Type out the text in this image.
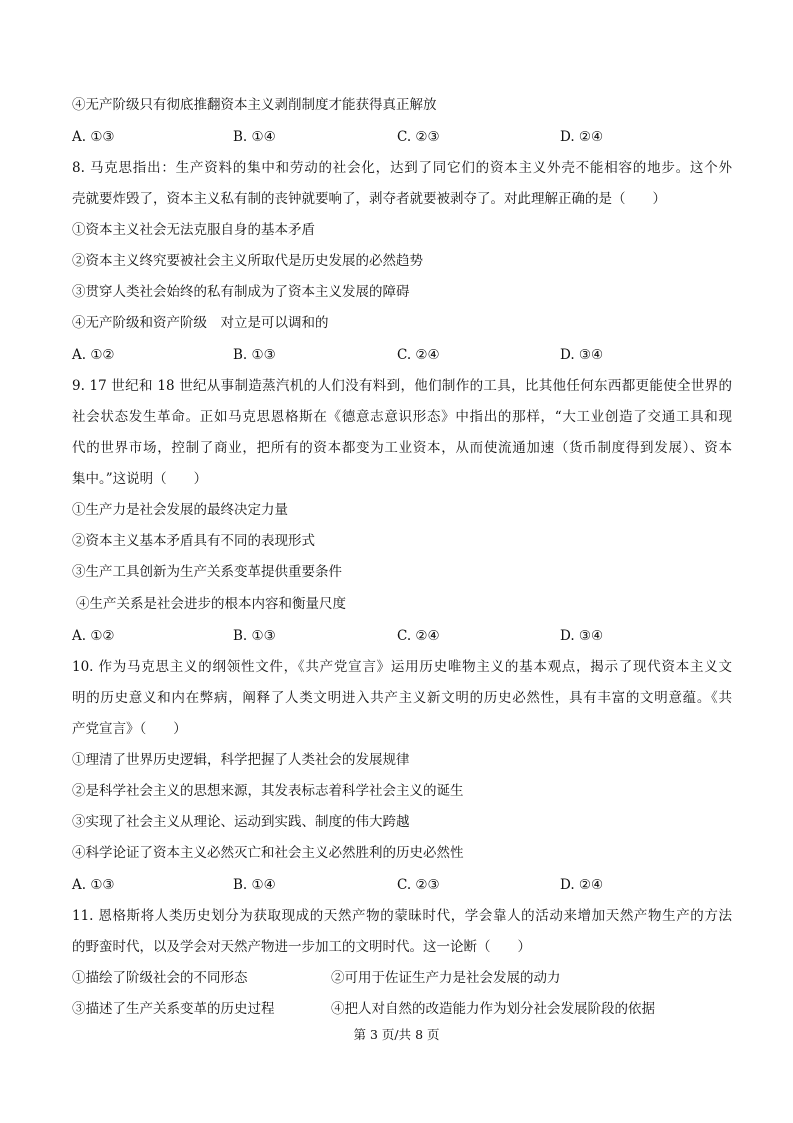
④无产阶级只有彻底推翻资本主义剥削制度才能获得真正解放
A. ①③	B. ①④	C. ②③	D. ②④
8. 马克思指出：生产资料的集中和劳动的社会化，达到了同它们的资本主义外壳不能相容的地步。这个外
壳就要炸毁了，资本主义私有制的丧钟就要响了，剥夺者就要被剥夺了。对此理解正确的是（　　）
①资本主义社会无法克服自身的基本矛盾
②资本主义终究要被社会主义所取代是历史发展的必然趋势
③贯穿人类社会始终的私有制成为了资本主义发展的障碍
④无产阶级和资产阶级　对立是可以调和的
A. ①②	B. ①③	C. ②④	D. ③④
9. 17 世纪和 18 世纪从事制造蒸汽机的人们没有料到，他们制作的工具，比其他任何东西都更能使全世界的
社会状态发生革命。正如马克思恩格斯在《德意志意识形态》中指出的那样，“大工业创造了交通工具和现
代的世界市场，控制了商业，把所有的资本都变为工业资本，从而使流通加速（货币制度得到发展）、资本
集中。”这说明（　　）
①生产力是社会发展的最终决定力量
②资本主义基本矛盾具有不同的表现形式
③生产工具创新为生产关系变革提供重要条件
④生产关系是社会进步的根本内容和衡量尺度
A. ①②	B. ①③	C. ②④	D. ③④
10. 作为马克思主义的纲领性文件，《共产党宣言》运用历史唯物主义的基本观点，揭示了现代资本主义文
明的历史意义和内在弊病，阐释了人类文明进入共产主义新文明的历史必然性，具有丰富的文明意蕴。《共
产党宣言》（　　）
①理清了世界历史逻辑，科学把握了人类社会的发展规律
②是科学社会主义的思想来源，其发表标志着科学社会主义的诞生
③实现了社会主义从理论、运动到实践、制度的伟大跨越
④科学论证了资本主义必然灭亡和社会主义必然胜利的历史必然性
A. ①③	B. ①④	C. ②③	D. ②④
11. 恩格斯将人类历史划分为获取现成的天然产物的蒙昧时代，学会靠人的活动来增加天然产物生产的方法
的野蛮时代，以及学会对天然产物进一步加工的文明时代。这一论断（　　）
①描绘了阶级社会的不同形态	②可用于佐证生产力是社会发展的动力
③描述了生产关系变革的历史过程	④把人对自然的改造能力作为划分社会发展阶段的依据
第 3 页/共 8 页
